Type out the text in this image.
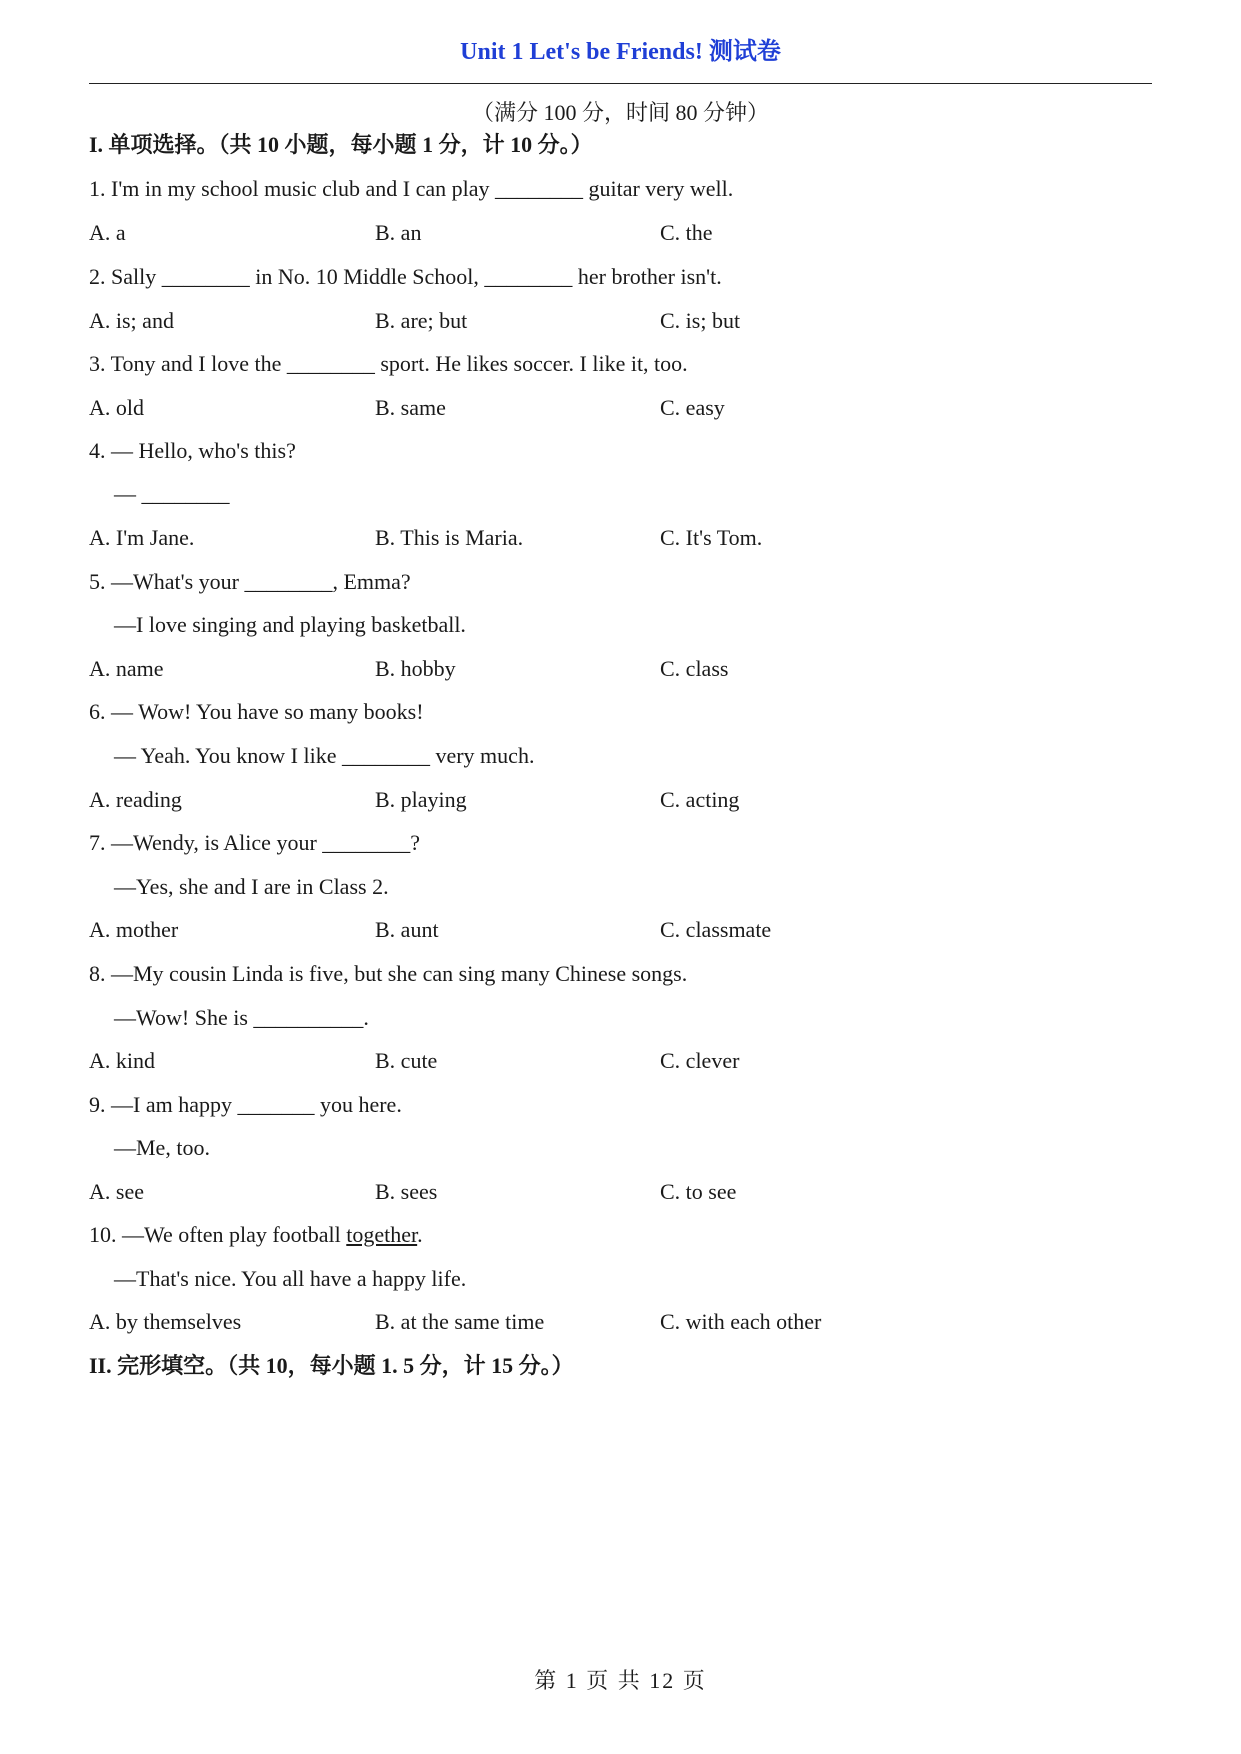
Unit 1 Let's be Friends! 测试卷
（满分 100 分，时间 80 分钟）
I. 单项选择。（共 10 小题，每小题 1 分，计 10 分。）
1. I'm in my school music club and I can play ________ guitar very well.
A. a	B. an	C. the
2. Sally ________ in No. 10 Middle School, ________ her brother isn't.
A. is; and	B. are; but	C. is; but
3. Tony and I love the ________ sport. He likes soccer. I like it, too.
A. old	B. same	C. easy
4. — Hello, who's this?
— ________
A. I'm Jane.	B. This is Maria.	C. It's Tom.
5. —What's your ________, Emma?
—I love singing and playing basketball.
A. name	B. hobby	C. class
6. — Wow! You have so many books!
— Yeah. You know I like ________ very much.
A. reading	B. playing	C. acting
7. —Wendy, is Alice your ________?
—Yes, she and I are in Class 2.
A. mother	B. aunt	C. classmate
8. —My cousin Linda is five, but she can sing many Chinese songs.
—Wow! She is __________.
A. kind	B. cute	C. clever
9. —I am happy _______ you here.
—Me, too.
A. see	B. sees	C. to see
10. —We often play football together.
—That's nice. You all have a happy life.
A. by themselves	B. at the same time	C. with each other
II. 完形填空。（共 10，每小题 1. 5 分，计 15 分。）
第 1 页 共 12 页
